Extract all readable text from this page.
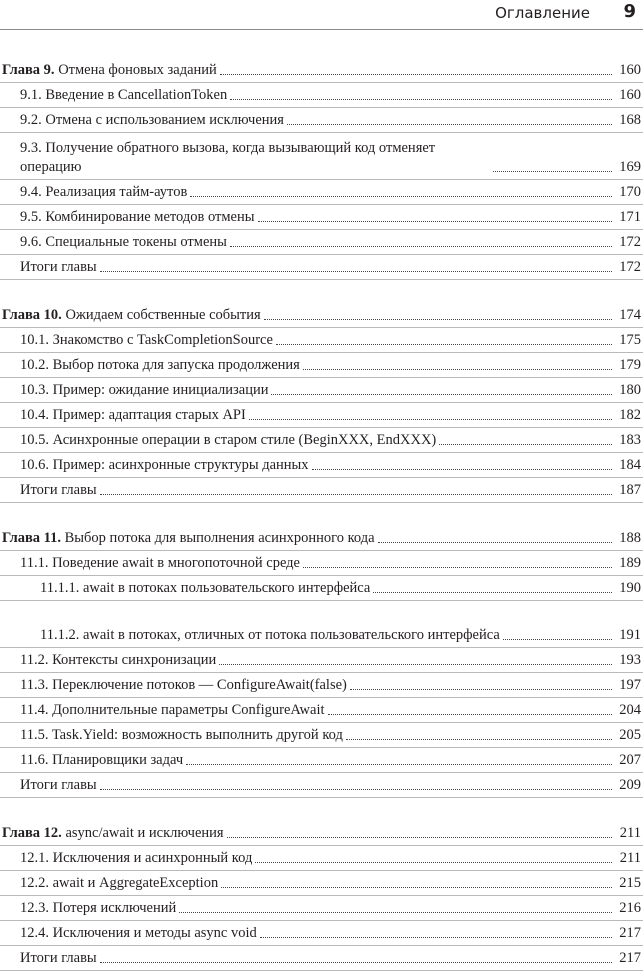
Оглавление 9
Глава 9. Отмена фоновых заданий	160
9.1. Введение в CancellationToken	160
9.2. Отмена с использованием исключения	168
9.3. Получение обратного вызова, когда вызывающий код отменяет операцию	169
9.4. Реализация тайм-аутов	170
9.5. Комбинирование методов отмены	171
9.6. Специальные токены отмены	172
Итоги главы	172
Глава 10. Ожидаем собственные события	174
10.1. Знакомство с TaskCompletionSource	175
10.2. Выбор потока для запуска продолжения	179
10.3. Пример: ожидание инициализации	180
10.4. Пример: адаптация старых API	182
10.5. Асинхронные операции в старом стиле (BeginXXX, EndXXX)	183
10.6. Пример: асинхронные структуры данных	184
Итоги главы	187
Глава 11. Выбор потока для выполнения асинхронного кода	188
11.1. Поведение await в многопоточной среде	189
11.1.1. await в потоках пользовательского интерфейса	190
11.1.2. await в потоках, отличных от потока пользовательского интерфейса	191
11.2. Контексты синхронизации	193
11.3. Переключение потоков — ConfigureAwait(false)	197
11.4. Дополнительные параметры ConfigureAwait	204
11.5. Task.Yield: возможность выполнить другой код	205
11.6. Планировщики задач	207
Итоги главы	209
Глава 12. async/await и исключения	211
12.1. Исключения и асинхронный код	211
12.2. await и AggregateException	215
12.3. Потеря исключений	216
12.4. Исключения и методы async void	217
Итоги главы	217
